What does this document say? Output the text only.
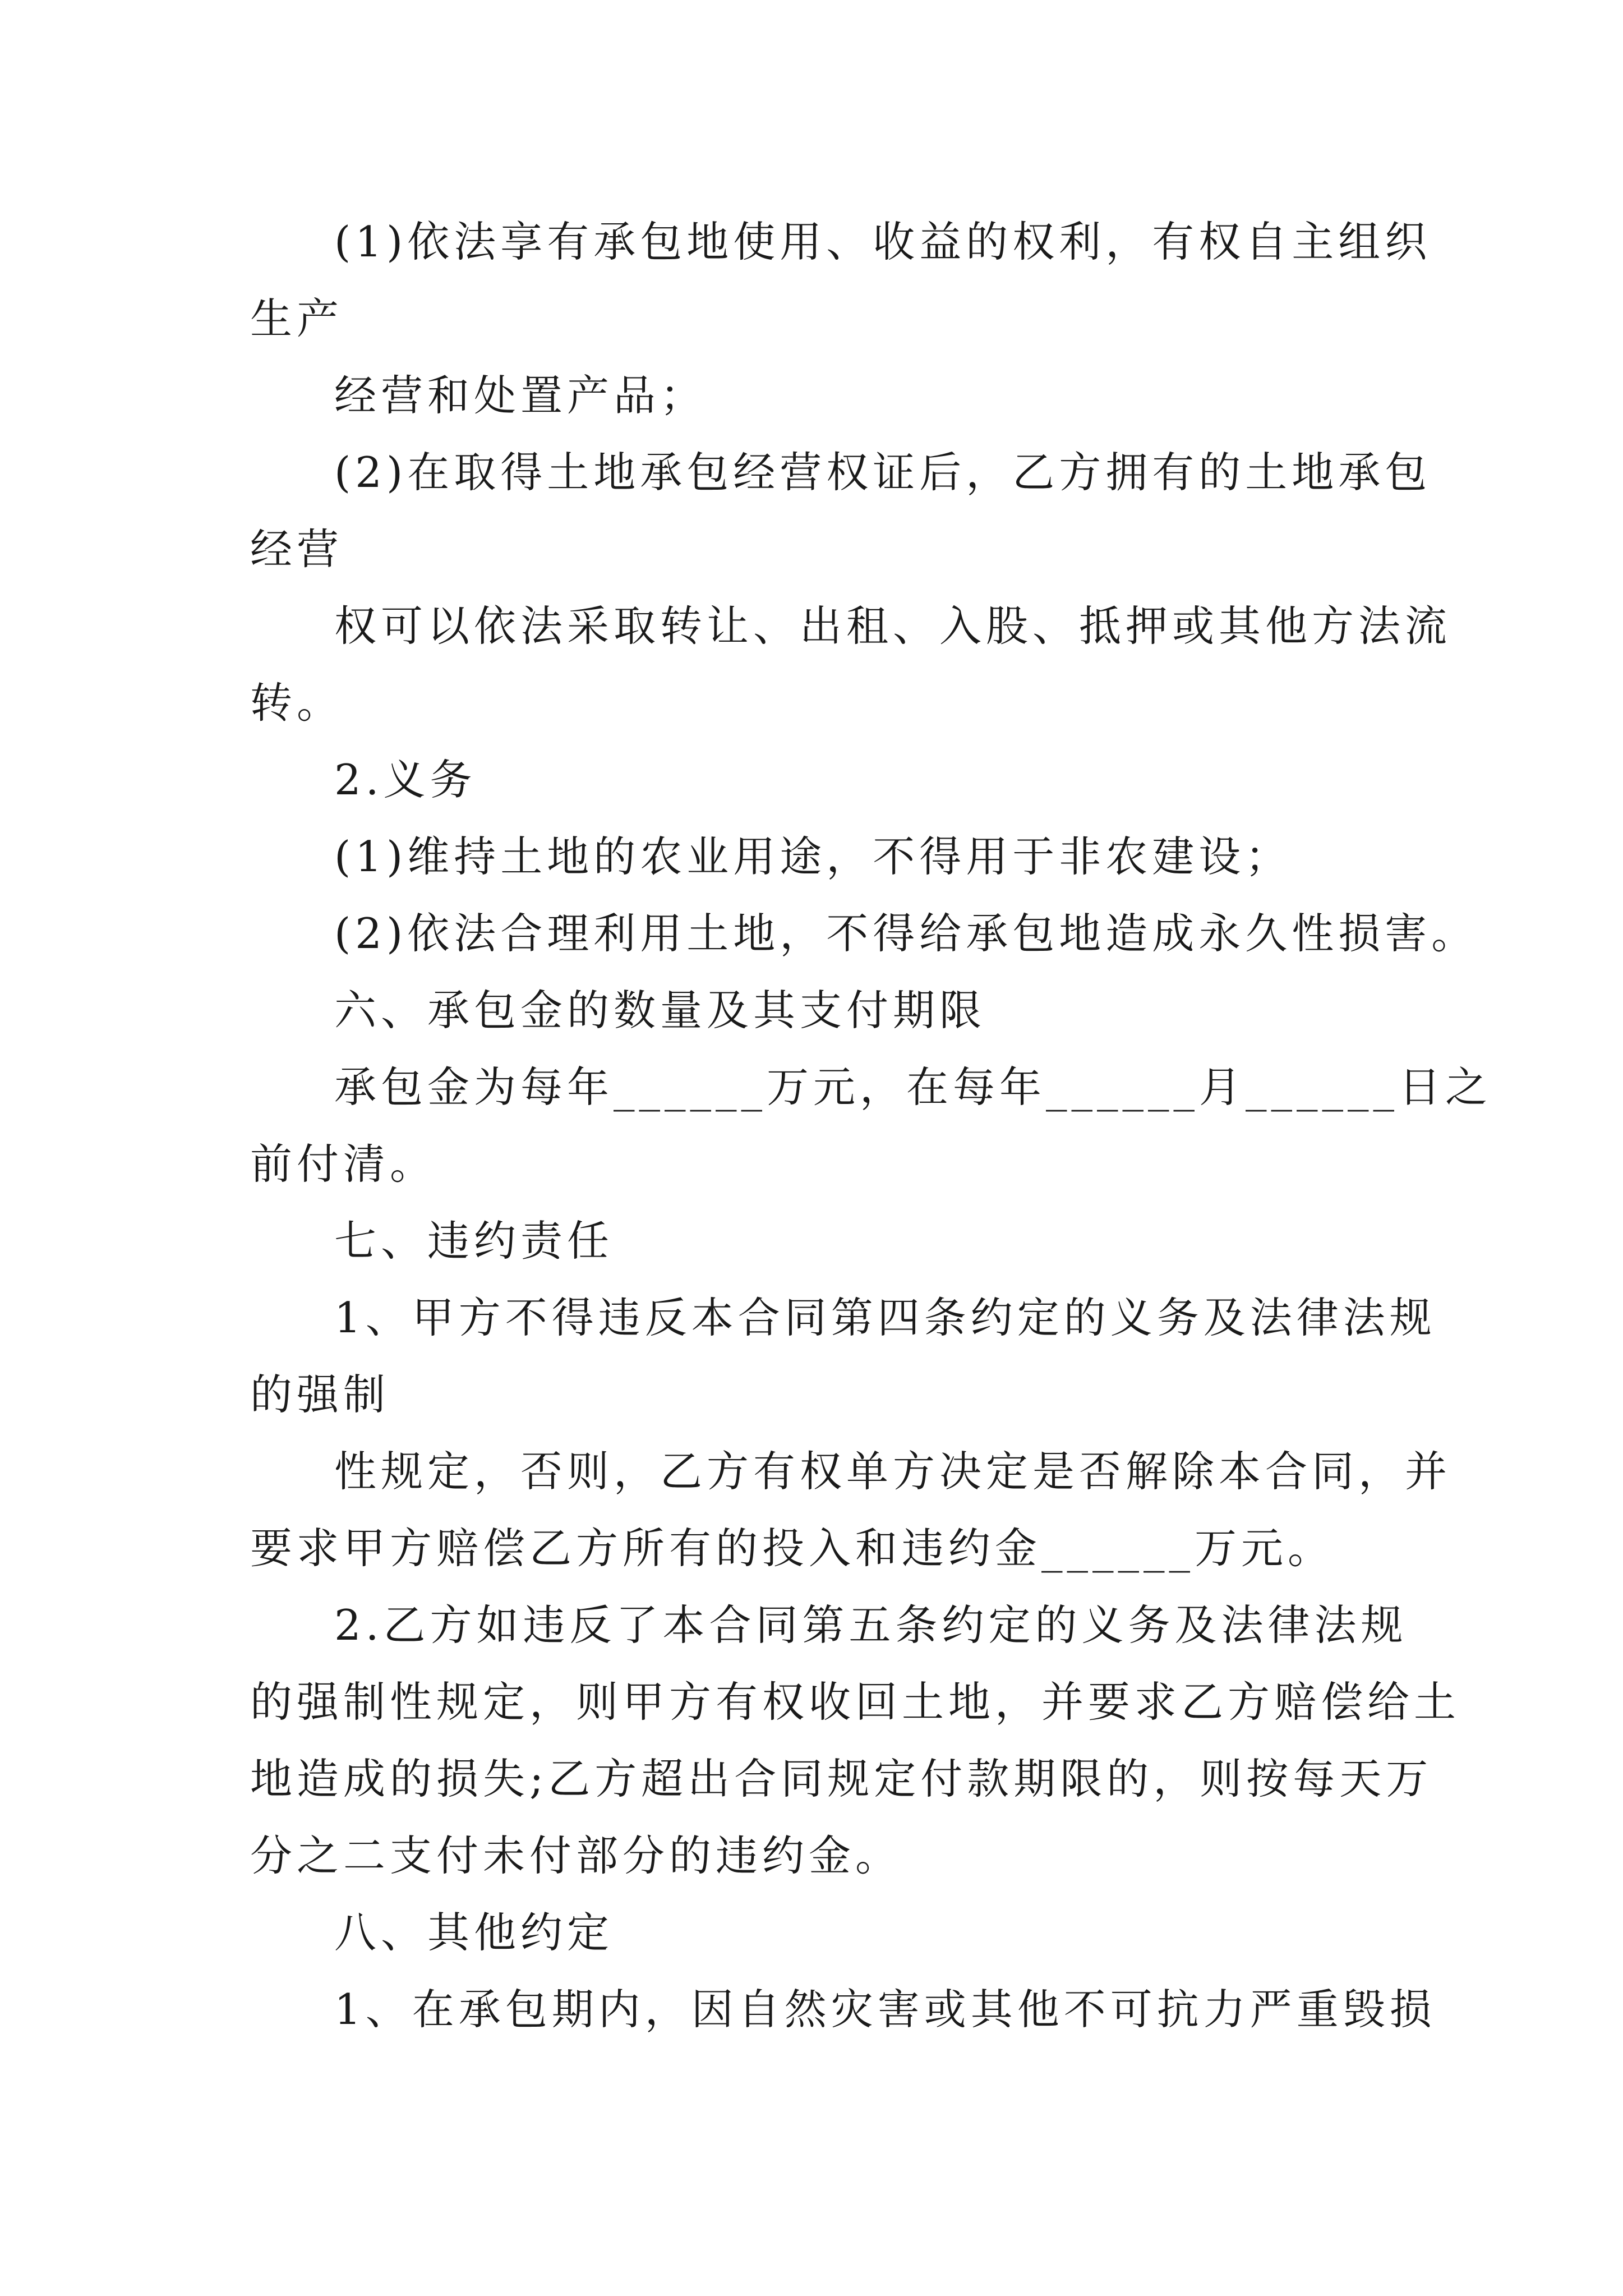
(1)依法享有承包地使用、收益的权利，有权自主组织
生产
经营和处置产品；
(2)在取得土地承包经营权证后，乙方拥有的土地承包
经营
权可以依法采取转让、出租、入股、抵押或其他方法流
转。
2.义务
(1)维持土地的农业用途，不得用于非农建设；
(2)依法合理利用土地，不得给承包地造成永久性损害。
六、承包金的数量及其支付期限
承包金为每年______万元，在每年______月______日之
前付清。
七、违约责任
1、甲方不得违反本合同第四条约定的义务及法律法规
的强制
性规定，否则，乙方有权单方决定是否解除本合同，并
要求甲方赔偿乙方所有的投入和违约金______万元。
2.乙方如违反了本合同第五条约定的义务及法律法规
的强制性规定，则甲方有权收回土地，并要求乙方赔偿给土
地造成的损失;乙方超出合同规定付款期限的，则按每天万
分之二支付未付部分的违约金。
八、其他约定
1、在承包期内，因自然灾害或其他不可抗力严重毁损
